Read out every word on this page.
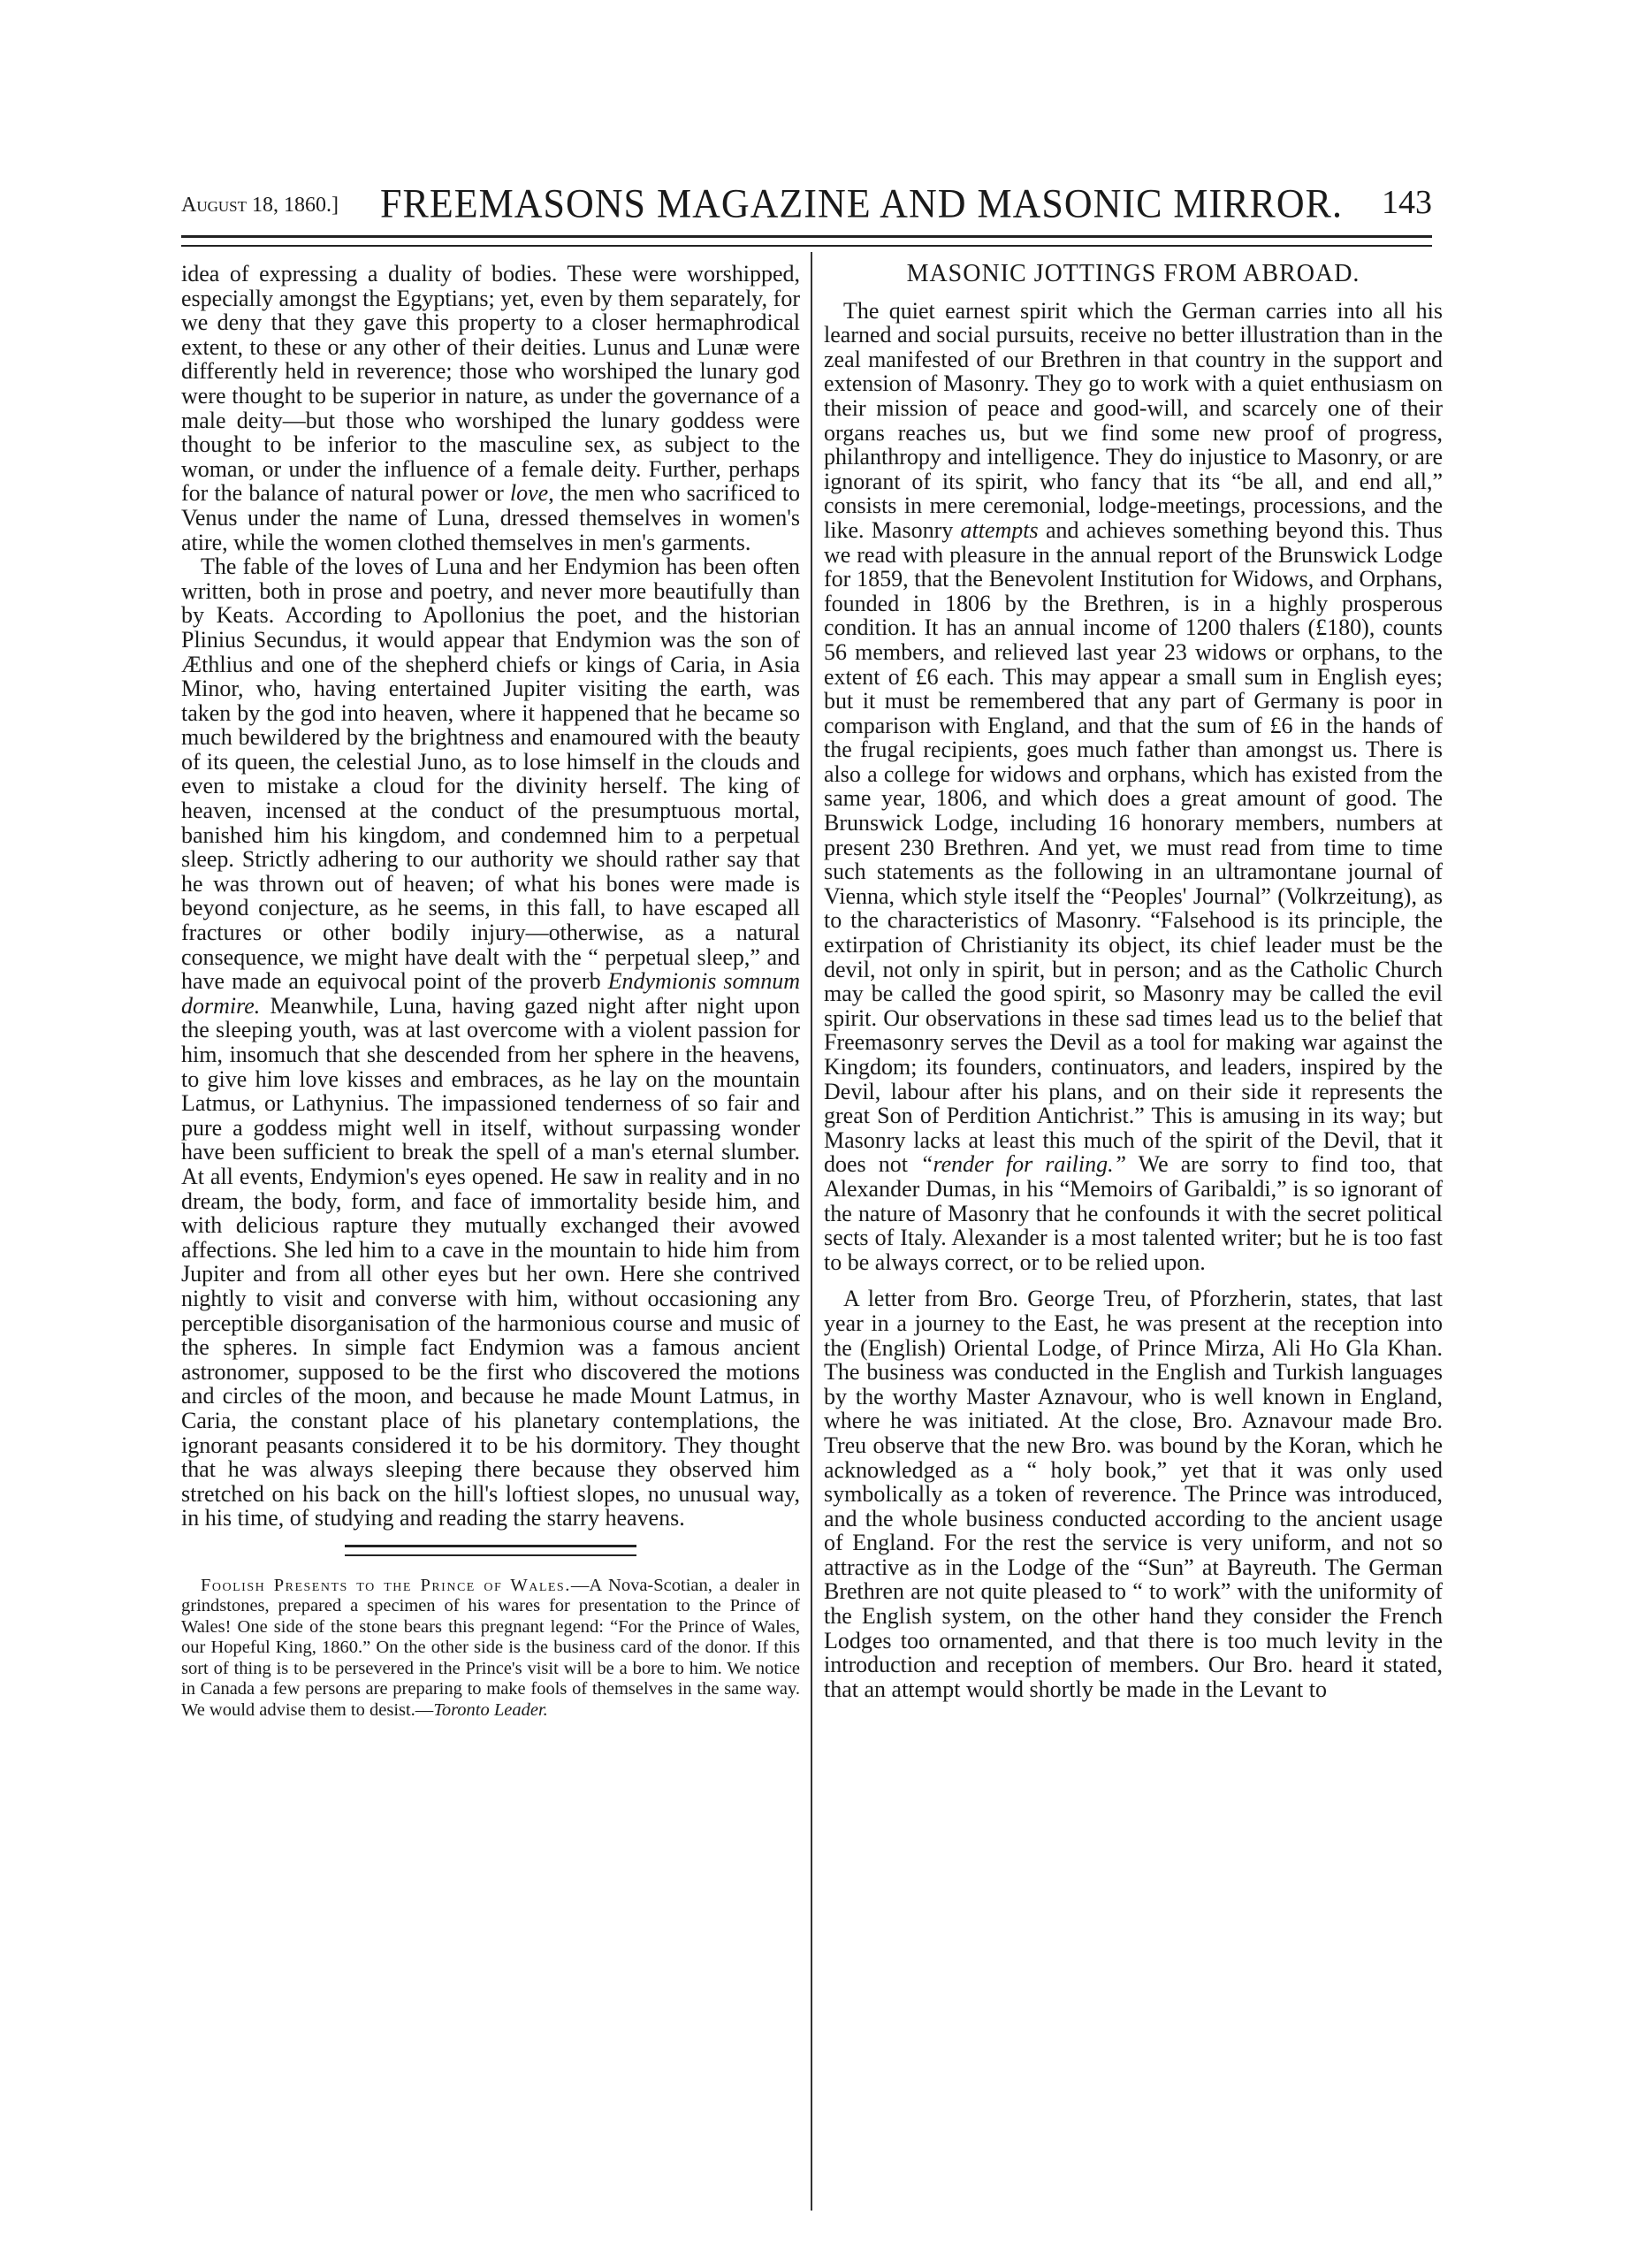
August 18, 1860.] FREEMASONS MAGAZINE AND MASONIC MIRROR. 143

idea of expressing a duality of bodies. These were worshipped, especially amongst the Egyptians; yet, even by them separately, for we deny that they gave this property to a closer hermaphrodical extent, to these or any other of their deities. Lunus and Lunæ were differently held in reverence; those who worshiped the lunary god were thought to be superior in nature, as under the governance of a male deity—but those who worshiped the lunary goddess were thought to be inferior to the masculine sex, as subject to the woman, or under the influence of a female deity. Further, perhaps for the balance of natural power or love, the men who sacrificed to Venus under the name of Luna, dressed themselves in women's atire, while the women clothed themselves in men's garments.

The fable of the loves of Luna and her Endymion has been often written, both in prose and poetry, and never more beautifully than by Keats. According to Apollonius the poet, and the historian Plinius Secundus, it would appear that Endymion was the son of Æthlius and one of the shepherd chiefs or kings of Caria, in Asia Minor, who, having entertained Jupiter visiting the earth, was taken by the god into heaven, where it happened that he became so much bewildered by the brightness and enamoured with the beauty of its queen, the celestial Juno, as to lose himself in the clouds and even to mistake a cloud for the divinity herself. The king of heaven, incensed at the conduct of the presumptuous mortal, banished him his kingdom, and condemned him to a perpetual sleep. Strictly adhering to our authority we should rather say that he was thrown out of heaven; of what his bones were made is beyond conjecture, as he seems, in this fall, to have escaped all fractures or other bodily injury—otherwise, as a natural consequence, we might have dealt with the “ perpetual sleep,” and have made an equivocal point of the proverb Endymionis somnum dormire. Meanwhile, Luna, having gazed night after night upon the sleeping youth, was at last overcome with a violent passion for him, insomuch that she descended from her sphere in the heavens, to give him love kisses and embraces, as he lay on the mountain Latmus, or Lathynius. The impassioned tenderness of so fair and pure a goddess might well in itself, without surpassing wonder have been sufficient to break the spell of a man's eternal slumber. At all events, Endymion's eyes opened. He saw in reality and in no dream, the body, form, and face of immortality beside him, and with delicious rapture they mutually exchanged their avowed affections. She led him to a cave in the mountain to hide him from Jupiter and from all other eyes but her own. Here she contrived nightly to visit and converse with him, without occasioning any perceptible disorganisation of the harmonious course and music of the spheres. In simple fact Endymion was a famous ancient astronomer, supposed to be the first who discovered the motions and circles of the moon, and because he made Mount Latmus, in Caria, the constant place of his planetary contemplations, the ignorant peasants considered it to be his dormitory. They thought that he was always sleeping there because they observed him stretched on his back on the hill's loftiest slopes, no unusual way, in his time, of studying and reading the starry heavens.

Foolish Presents to the Prince of Wales.—A Nova-Scotian, a dealer in grindstones, prepared a specimen of his wares for presentation to the Prince of Wales! One side of the stone bears this pregnant legend: “For the Prince of Wales, our Hopeful King, 1860.” On the other side is the business card of the donor. If this sort of thing is to be persevered in the Prince's visit will be a bore to him. We notice in Canada a few persons are preparing to make fools of themselves in the same way. We would advise them to desist.—Toronto Leader.

MASONIC JOTTINGS FROM ABROAD.

The quiet earnest spirit which the German carries into all his learned and social pursuits, receive no better illustration than in the zeal manifested of our Brethren in that country in the support and extension of Masonry. They go to work with a quiet enthusiasm on their mission of peace and good-will, and scarcely one of their organs reaches us, but we find some new proof of progress, philanthropy and intelligence. They do injustice to Masonry, or are ignorant of its spirit, who fancy that its “be all, and end all,” consists in mere ceremonial, lodge-meetings, processions, and the like. Masonry attempts and achieves something beyond this. Thus we read with pleasure in the annual report of the Brunswick Lodge for 1859, that the Benevolent Institution for Widows, and Orphans, founded in 1806 by the Brethren, is in a highly prosperous condition. It has an annual income of 1200 thalers (£180), counts 56 members, and relieved last year 23 widows or orphans, to the extent of £6 each. This may appear a small sum in English eyes; but it must be remembered that any part of Germany is poor in comparison with England, and that the sum of £6 in the hands of the frugal recipients, goes much father than amongst us. There is also a college for widows and orphans, which has existed from the same year, 1806, and which does a great amount of good. The Brunswick Lodge, including 16 honorary members, numbers at present 230 Brethren. And yet, we must read from time to time such statements as the following in an ultramontane journal of Vienna, which style itself the “Peoples' Journal” (Volkrzeitung), as to the characteristics of Masonry. “Falsehood is its principle, the extirpation of Christianity its object, its chief leader must be the devil, not only in spirit, but in person; and as the Catholic Church may be called the good spirit, so Masonry may be called the evil spirit. Our observations in these sad times lead us to the belief that Freemasonry serves the Devil as a tool for making war against the Kingdom; its founders, continuators, and leaders, inspired by the Devil, labour after his plans, and on their side it represents the great Son of Perdition Antichrist.” This is amusing in its way; but Masonry lacks at least this much of the spirit of the Devil, that it does not “render for railing.” We are sorry to find too, that Alexander Dumas, in his “Memoirs of Garibaldi,” is so ignorant of the nature of Masonry that he confounds it with the secret political sects of Italy. Alexander is a most talented writer; but he is too fast to be always correct, or to be relied upon.

A letter from Bro. George Treu, of Pforzherin, states, that last year in a journey to the East, he was present at the reception into the (English) Oriental Lodge, of Prince Mirza, Ali Ho Gla Khan. The business was conducted in the English and Turkish languages by the worthy Master Aznavour, who is well known in England, where he was initiated. At the close, Bro. Aznavour made Bro. Treu observe that the new Bro. was bound by the Koran, which he acknowledged as a “ holy book,” yet that it was only used symbolically as a token of reverence. The Prince was introduced, and the whole business conducted according to the ancient usage of England. For the rest the service is very uniform, and not so attractive as in the Lodge of the “Sun” at Bayreuth. The German Brethren are not quite pleased to “ to work” with the uniformity of the English system, on the other hand they consider the French Lodges too ornamented, and that there is too much levity in the introduction and reception of members. Our Bro. heard it stated, that an attempt would shortly be made in the Levant to
